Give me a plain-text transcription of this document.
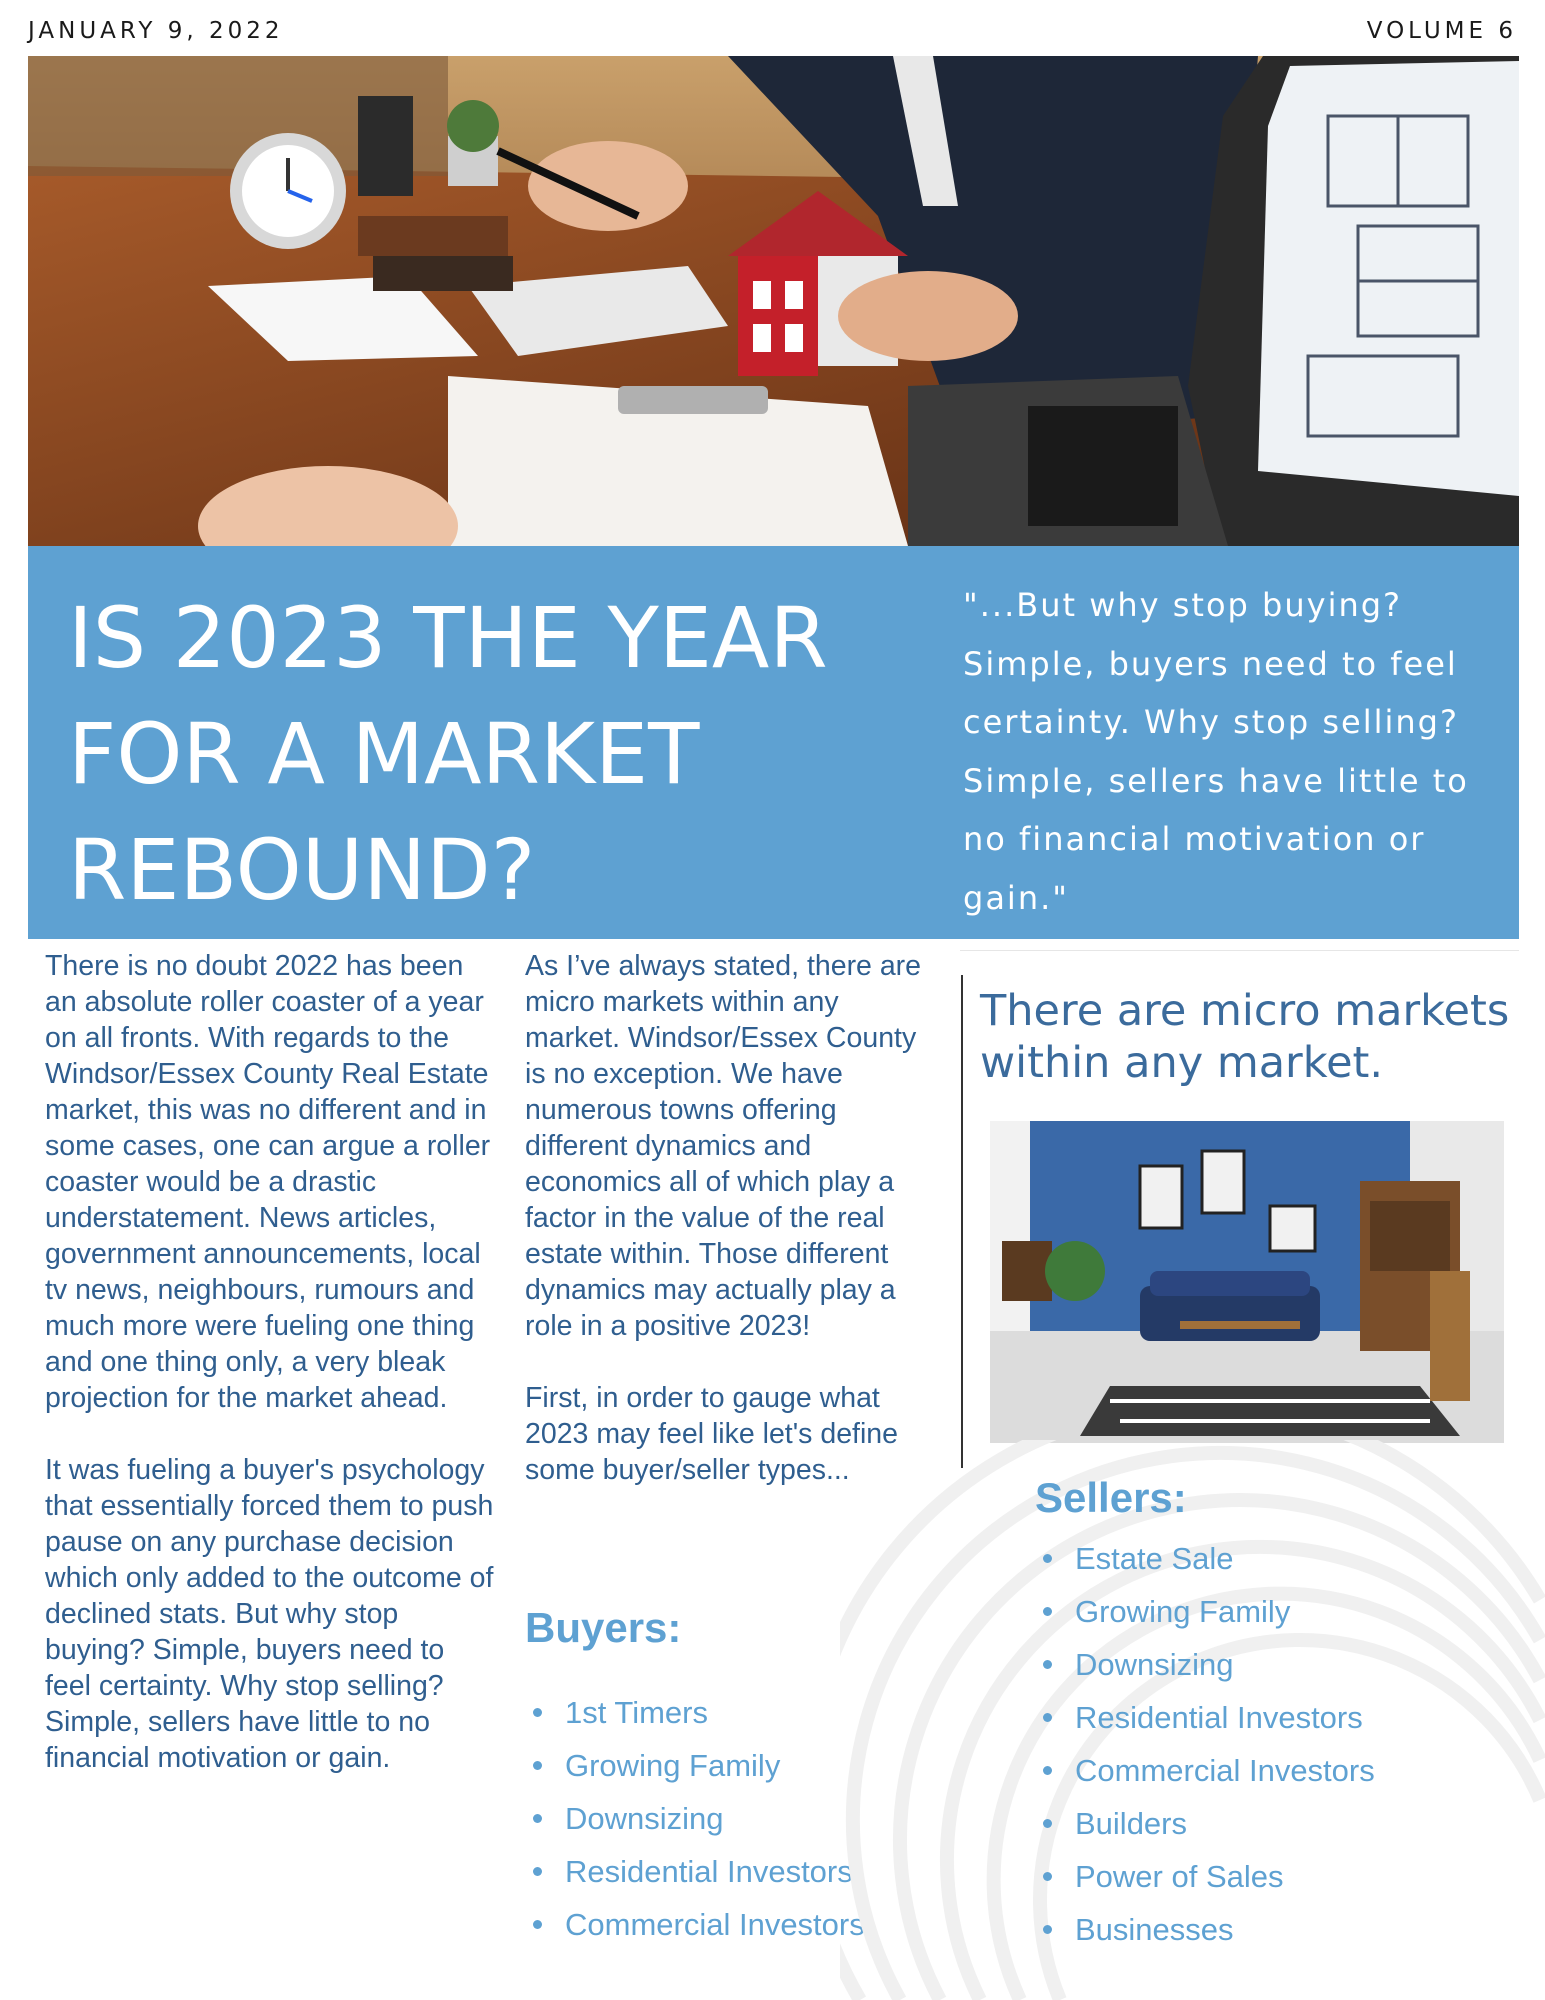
JANUARY 9, 2022	VOLUME 6
IS 2023 THE YEAR FOR A MARKET REBOUND?

"...But why stop buying? Simple, buyers need to feel certainty. Why stop selling? Simple, sellers have little to no financial motivation or gain."

There is no doubt 2022 has been an absolute roller coaster of a year on all fronts. With regards to the Windsor/Essex County Real Estate market, this was no different and in some cases, one can argue a roller coaster would be a drastic understatement. News articles, government announcements, local tv news, neighbours, rumours and much more were fueling one thing and one thing only, a very bleak projection for the market ahead.

It was fueling a buyer's psychology that essentially forced them to push pause on any purchase decision which only added to the outcome of declined stats. But why stop buying? Simple, buyers need to feel certainty. Why stop selling? Simple, sellers have little to no financial motivation or gain.

As I’ve always stated, there are micro markets within any market. Windsor/Essex County is no exception. We have numerous towns offering different dynamics and economics all of which play a factor in the value of the real estate within. Those different dynamics may actually play a role in a positive 2023!

First, in order to gauge what 2023 may feel like let's define some buyer/seller types...

Buyers:
1st Timers
Growing Family
Downsizing
Residential Investors
Commercial Investors
There are micro markets within any market.
Sellers:
Estate Sale
Growing Family
Downsizing
Residential Investors
Commercial Investors
Builders
Power of Sales
Businesses
